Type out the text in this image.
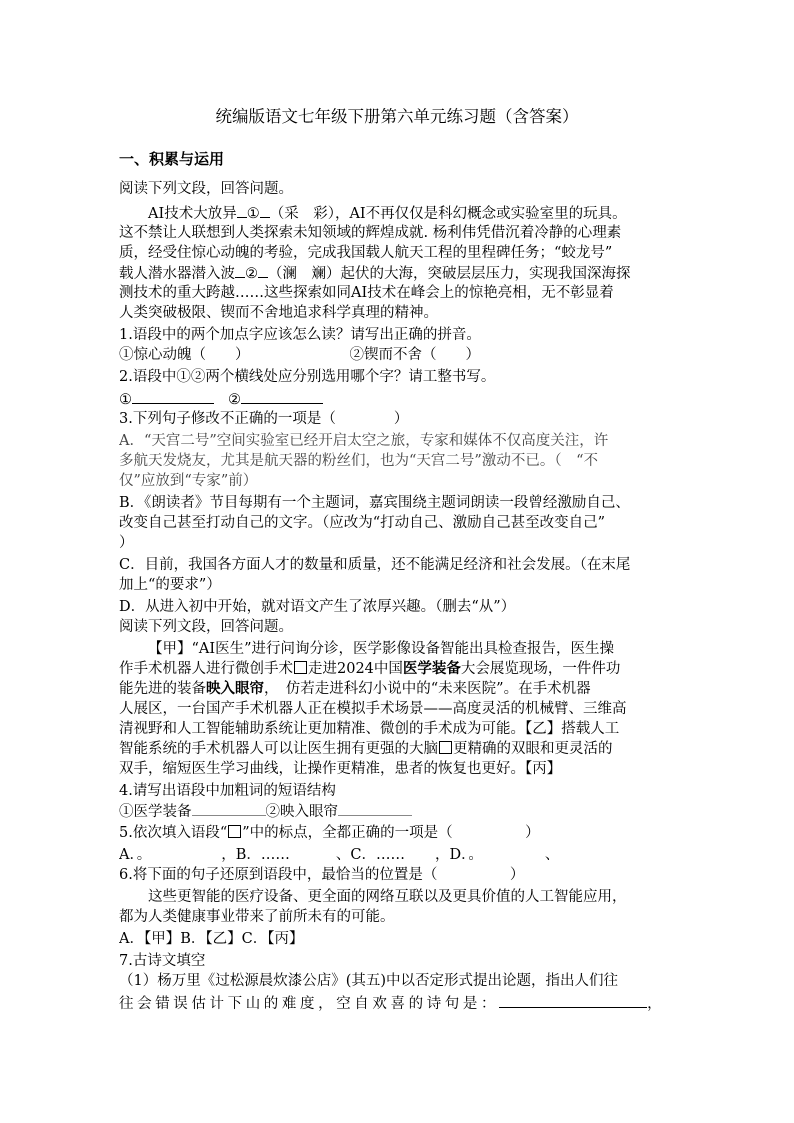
统编版语文七年级下册第六单元练习题（含答案）
一、积累与运用
阅读下列文段，回答问题。
AI技术大放异 ① （采　彩），AI不再仅仅是科幻概念或实验室里的玩具。
这不禁让人联想到人类探索未知领域的辉煌成就. 杨利伟凭借沉着冷静的心理素
质，经受住惊心动魄的考验，完成我国载人航天工程的里程碑任务；“蛟龙号”
载人潜水器潜入波 ② （澜　斓）起伏的大海，突破层层压力，实现我国深海探
测技术的重大跨越……这些探索如同AI技术在峰会上的惊艳亮相，无不彰显着
人类突破极限、锲而不舍地追求科学真理的精神。
1.语段中的两个加点字应该怎么读？请写出正确的拼音。
①惊心动魄（　　）	②锲而不舍（　　）
2.语段中①②两个横线处应分别选用哪个字？请工整书写。
①	②
3.下列句子修改不正确的一项是（　　　　）
A．“天宫二号”空间实验室已经开启太空之旅，专家和媒体不仅高度关注，许
多航天发烧友，尤其是航天器的粉丝们，也为“天宫二号”激动不已。（　“不
仅”应放到“专家”前）
B．《朗读者》节目每期有一个主题词，嘉宾围绕主题词朗读一段曾经激励自己、
改变自己甚至打动自己的文字。（应改为“打动自己、激励自己甚至改变自己”
）
C．目前，我国各方面人才的数量和质量，还不能满足经济和社会发展。（在末尾
加上“的要求”）
D．从进入初中开始，就对语文产生了浓厚兴趣。（删去“从”）
阅读下列文段，回答问题。
【甲】“AI医生”进行问询分诊，医学影像设备智能出具检查报告，医生操
作手术机器人进行微创手术 走进2024中国医学装备大会展览现场，一件件功
能先进的装备映入眼帘，　仿若走进科幻小说中的“未来医院”。在手术机器
人展区，一台国产手术机器人正在模拟手术场景——高度灵活的机械臂、三维高
清视野和人工智能辅助系统让更加精准、微创的手术成为可能。【乙】搭载人工
智能系统的手术机器人可以让医生拥有更强的大脑 更精确的双眼和更灵活的
双手，缩短医生学习曲线，让操作更精准，患者的恢复也更好。【丙】
4.请写出语段中加粗词的短语结构
①医学装备	②映入眼帘
5.依次填入语段“ ”中的标点，全都正确的一项是（　　　　　）
A．。	，B．……	、C．…… ，D．。	、
6.将下面的句子还原到语段中，最恰当的位置是（　　　　　）
这些更智能的医疗设备、更全面的网络互联以及更具价值的人工智能应用，
都为人类健康事业带来了前所未有的可能。
A．【甲】B．【乙】C．【丙】
7.古诗文填空
（1）杨万里《过松源晨炊漆公店》(其五)中以否定形式提出论题，指出人们往
往会错误估计下山的难度，空自欢喜的诗句是：	，
